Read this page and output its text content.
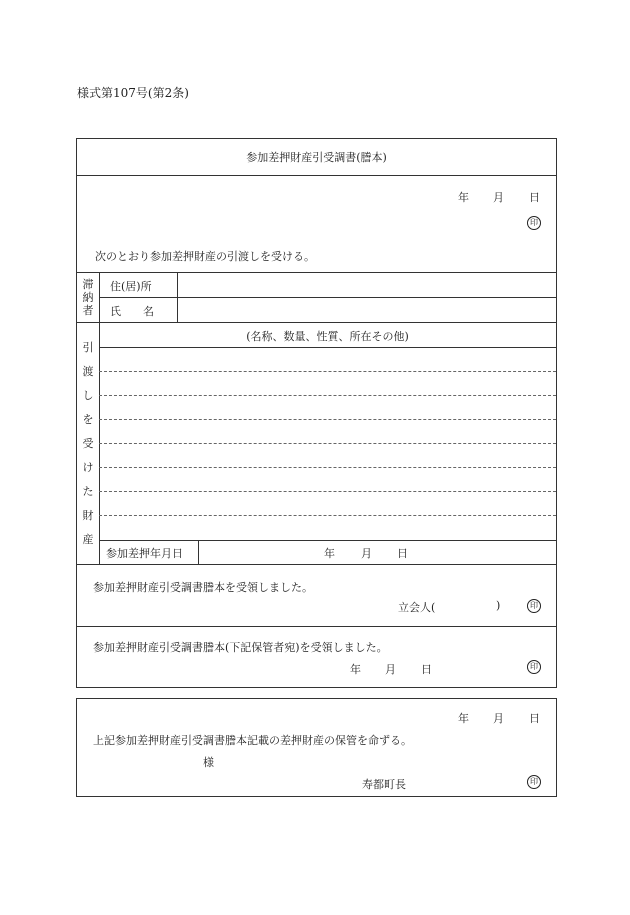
様式第107号(第2条)
参加差押財産引受調書(謄本)
年 月 日
印
次のとおり参加差押財産の引渡しを受ける。
滞
納
者
住(居)所
氏　　名
引
渡
し
を
受
け
た
財
産
(名称、数量、性質、所在その他)
参加差押年月日	年 月 日
参加差押財産引受調書謄本を受領しました。
立会人(	)	印
参加差押財産引受調書謄本(下記保管者宛)を受領しました。
年 月 日	印
年 月 日
上記参加差押財産引受調書謄本記載の差押財産の保管を命ずる。
様
寿都町長	印
